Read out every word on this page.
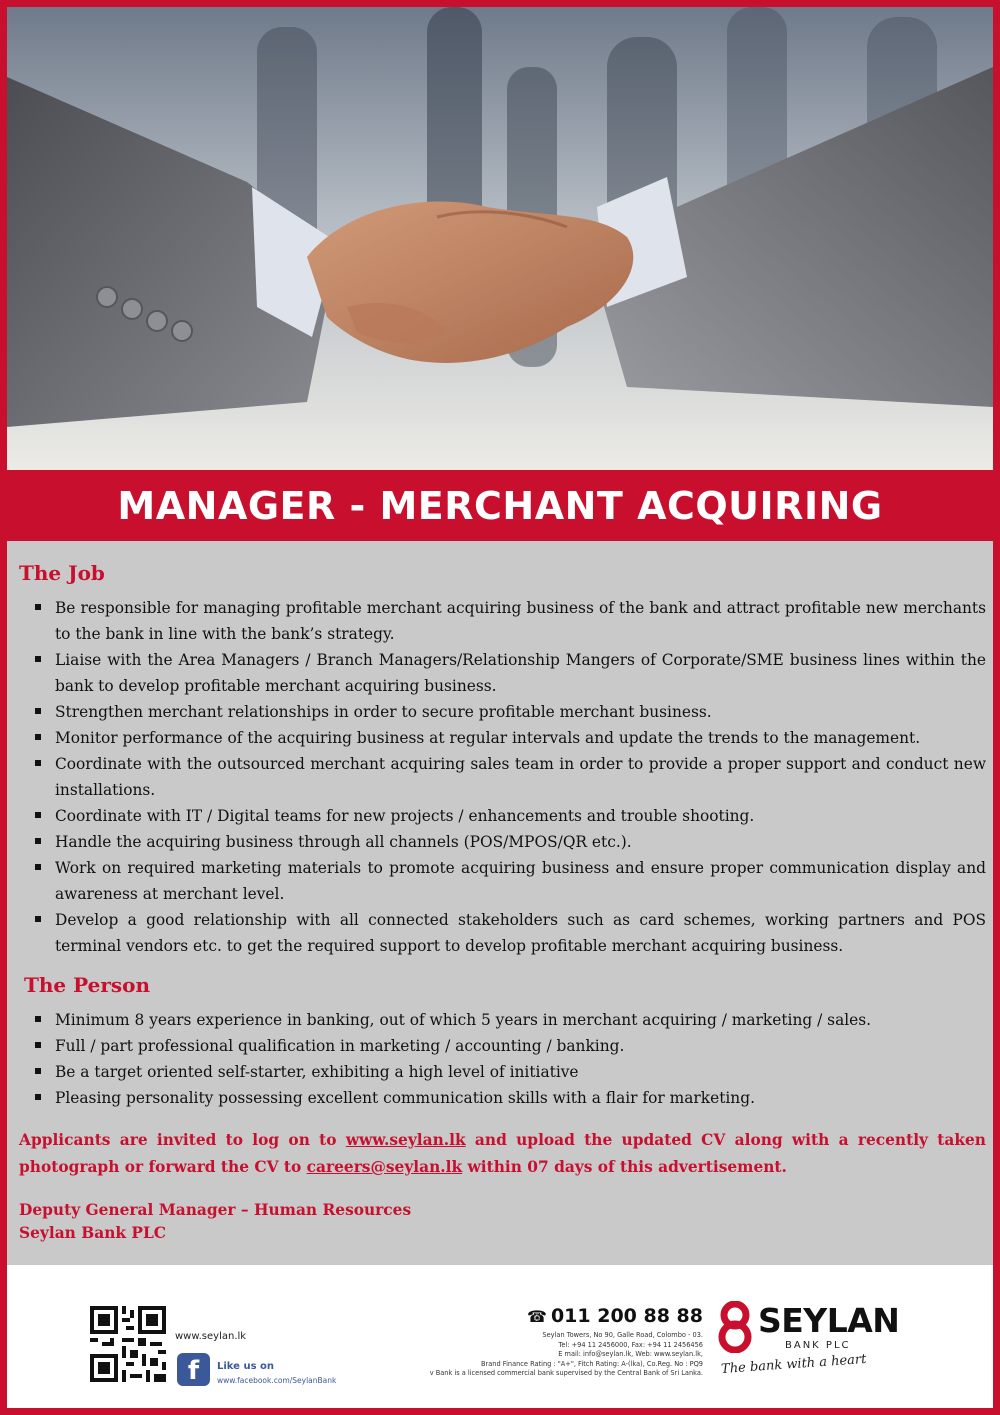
MANAGER - MERCHANT ACQUIRING
The Job
Be responsible for managing profitable merchant acquiring business of the bank and attract profitable new merchants to the bank in line with the bank’s strategy.
Liaise with the Area Managers / Branch Managers/Relationship Mangers of Corporate/SME business lines within the bank to develop profitable merchant acquiring business.
Strengthen merchant relationships in order to secure profitable merchant business.
Monitor performance of the acquiring business at regular intervals and update the trends to the management.
Coordinate with the outsourced merchant acquiring sales team in order to provide a proper support and conduct new installations.
Coordinate with IT / Digital teams for new projects / enhancements and trouble shooting.
Handle the acquiring business through all channels (POS/MPOS/QR etc.).
Work on required marketing materials to promote acquiring business and ensure proper communication display and awareness at merchant level.
Develop a good relationship with all connected stakeholders such as card schemes, working partners and POS terminal vendors etc. to get the required support to develop profitable merchant acquiring business.
The Person
Minimum 8 years experience in banking, out of which 5 years in merchant acquiring / marketing / sales.
Full / part professional qualification in marketing / accounting / banking.
Be a target oriented self-starter, exhibiting a high level of initiative
Pleasing personality possessing excellent communication skills with a flair for marketing.

Applicants are invited to log on to www.seylan.lk and upload the updated CV along with a recently taken photograph or forward the CV to careers@seylan.lk within 07 days of this advertisement.

Deputy General Manager – Human Resources
Seylan Bank PLC
www.seylan.lk
f	Like us on
www.facebook.com/SeylanBank
☎ 011 200 88 88
Seylan Towers, No 90, Galle Road, Colombo - 03.
Tel: +94 11 2456000, Fax: +94 11 2456456
E mail: info@seylan.lk, Web: www.seylan.lk,
Brand Finance Rating : "A+", Fitch Rating: A-(lka), Co.Reg. No : PQ9
v Bank is a licensed commercial bank supervised by the Central Bank of Sri Lanka.
SEYLAN
BANK PLC
The bank with a heart
